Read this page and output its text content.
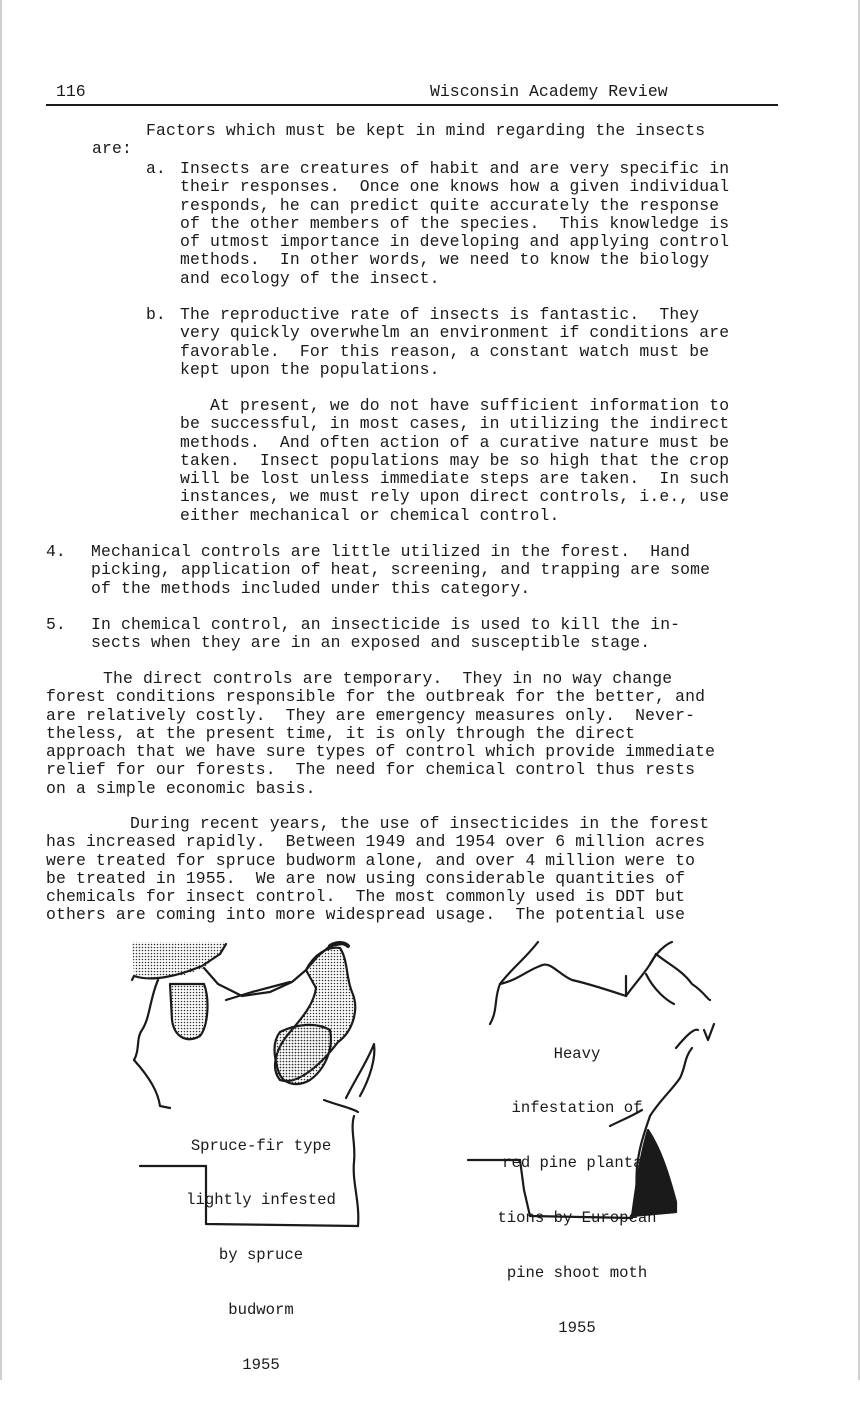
116	Wisconsin Academy Review
Factors which must be kept in mind regarding the insects
are:
a. Insects are creatures of habit and are very specific in
their responses.  Once one knows how a given individual
responds, he can predict quite accurately the response
of the other members of the species.  This knowledge is
of utmost importance in developing and applying control
methods.  In other words, we need to know the biology
and ecology of the insect.
b. The reproductive rate of insects is fantastic.  They
very quickly overwhelm an environment if conditions are
favorable.  For this reason, a constant watch must be
kept upon the populations.
At present, we do not have sufficient information to
be successful, in most cases, in utilizing the indirect
methods.  And often action of a curative nature must be
taken.  Insect populations may be so high that the crop
will be lost unless immediate steps are taken.  In such
instances, we must rely upon direct controls, i.e., use
either mechanical or chemical control.
4. Mechanical controls are little utilized in the forest.  Hand
picking, application of heat, screening, and trapping are some
of the methods included under this category.
5. In chemical control, an insecticide is used to kill the in-
sects when they are in an exposed and susceptible stage.
The direct controls are temporary.  They in no way change
forest conditions responsible for the outbreak for the better, and
are relatively costly.  They are emergency measures only.  Never-
theless, at the present time, it is only through the direct
approach that we have sure types of control which provide immediate
relief for our forests.  The need for chemical control thus rests
on a simple economic basis.
During recent years, the use of insecticides in the forest
has increased rapidly.  Between 1949 and 1954 over 6 million acres
were treated for spruce budworm alone, and over 4 million were to
be treated in 1955.  We are now using considerable quantities of
chemicals for insect control.  The most commonly used is DDT but
others are coming into more widespread usage.  The potential use

Spruce-fir type

lightly infested

by spruce

budworm

1955

Heavy

infestation of

red pine planta-

tions by European

pine shoot moth

1955
